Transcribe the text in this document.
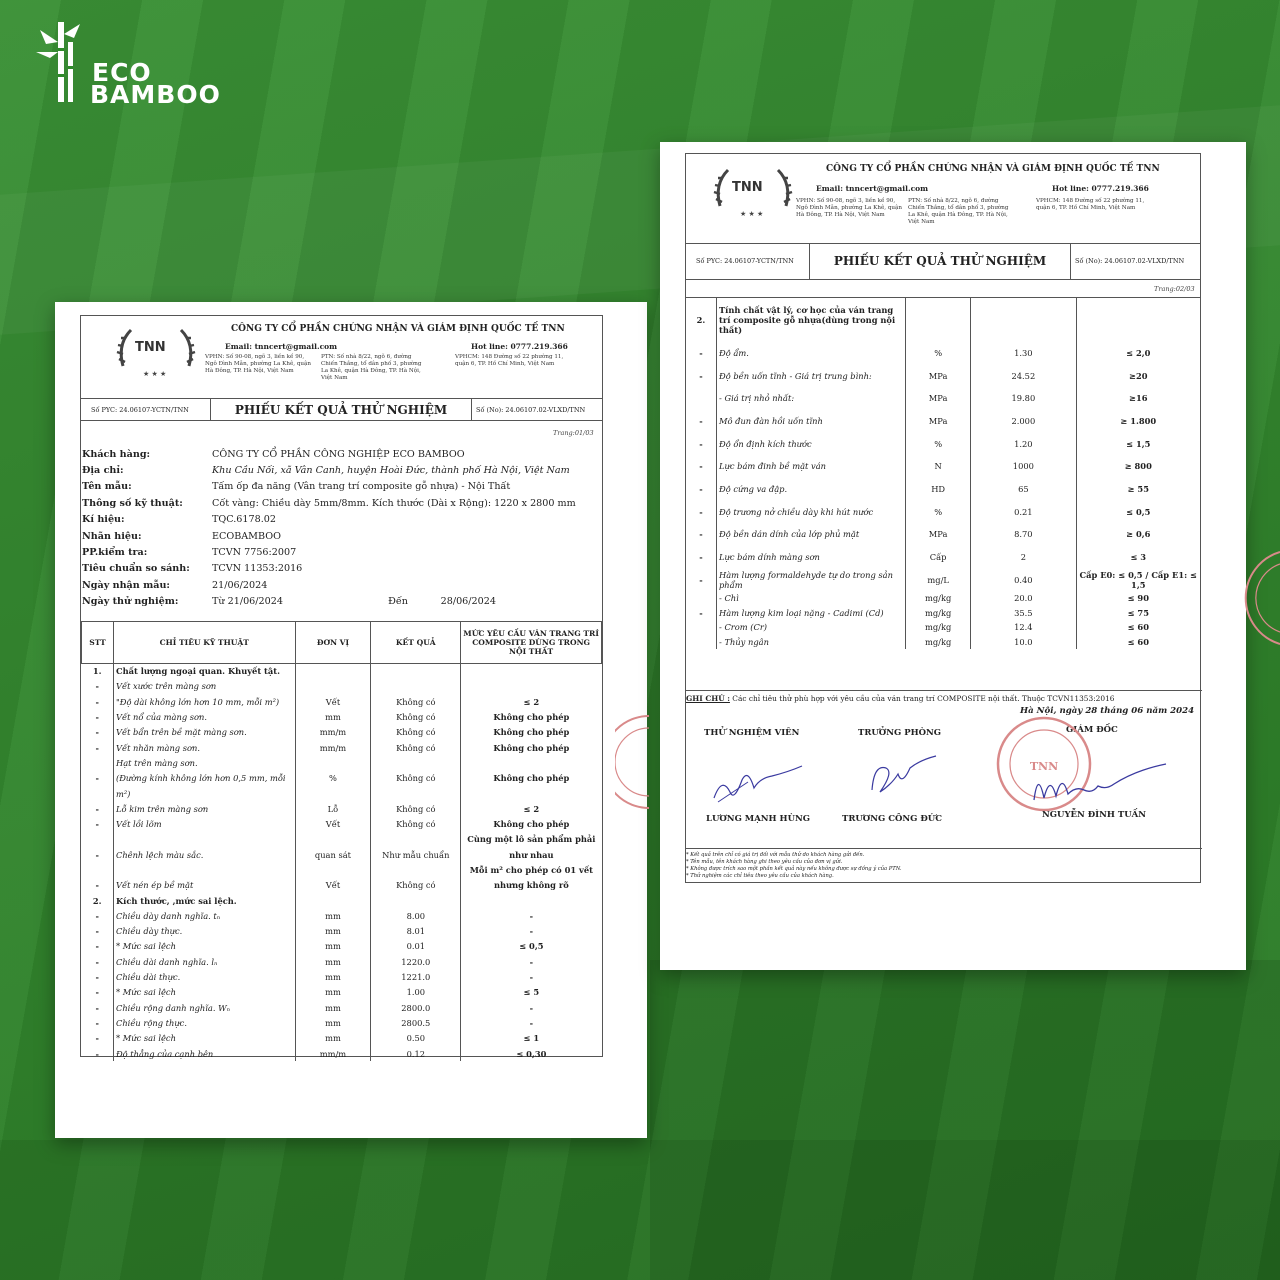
ECO
BAMBOO
★ ★ ★
TNN
CÔNG TY CỔ PHẦN CHỨNG NHẬN VÀ GIÁM ĐỊNH QUỐC TẾ TNN
Email: tnncert@gmail.com	Hot line: 0777.219.366
VPHN: Số 90-08, ngõ 3, liền kề 90, Ngô Đình Mẫn, phường La Khê, quận Hà Đông, TP. Hà Nội, Việt Nam
PTN: Số nhà 8/22, ngõ 6, đường Chiến Thắng, tổ dân phố 3, phường La Khê, quận Hà Đông, TP. Hà Nội, Việt Nam
VPHCM: 148 Đường số 22 phường 11, quận 6, TP. Hồ Chí Minh, Việt Nam
Số PYC: 24.06107-YCTN/TNN	PHIẾU KẾT QUẢ THỬ NGHIỆM	Số (No): 24.06107.02-VLXD/TNN
Trang:01/03
Khách hàng:	CÔNG TY CỔ PHẦN CÔNG NGHIỆP ECO BAMBOO
Địa chỉ:	Khu Cầu Nối, xã Vân Canh, huyện Hoài Đức, thành phố Hà Nội, Việt Nam
Tên mẫu:	Tấm ốp đa năng (Vân trang trí composite gỗ nhựa) - Nội Thất
Thông số kỹ thuật:	Cốt vàng: Chiều dày 5mm/8mm. Kích thước (Dài x Rộng): 1220 x 2800 mm
Kí hiệu:	TQC.6178.02
Nhãn hiệu:	ECOBAMBOO
PP.kiểm tra:	TCVN 7756:2007
Tiêu chuẩn so sánh:	TCVN 11353:2016
Ngày nhận mẫu:	21/06/2024
Ngày thử nghiệm:	Từ 21/06/2024	Đến	28/06/2024
STT	CHỈ TIÊU KỸ THUẬT	ĐƠN VỊ	KẾT QUẢ	MỨC YÊU CẦU VÁN TRANG TRÍ COMPOSITE DÙNG TRONG NỘI THẤT
1.	Chất lượng ngoại quan. Khuyết tật.			
-	Vết xước trên màng sơn			
-	"Độ dài không lớn hơn 10 mm, mỗi m²)	Vết	Không có	≤ 2
-	Vết nổ của màng sơn.	mm	Không có	Không cho phép
-	Vết bẩn trên bề mặt màng sơn.	mm/m	Không có	Không cho phép
-	Vết nhăn màng sơn.	mm/m	Không có	Không cho phép
	Hạt trên màng sơn.			
-	(Đường kính không lớn hơn 0,5 mm, mỗi	%	Không có	Không cho phép
	m²)			
-	Lỗ kim trên màng sơn	Lỗ	Không có	≤ 2
-	Vết lồi lõm	Vết	Không có	Không cho phép
				Cùng một lô sản phẩm phải
-	Chênh lệch màu sắc.	quan sát	Như mẫu chuẩn	như nhau
				Mỗi m² cho phép có 01 vết
-	Vết nén ép bề mặt	Vết	Không có	nhưng không rõ
2.	Kích thước, ,mức sai lệch.			
-	Chiều dày danh nghĩa. tₙ	mm	8.00	-
-	Chiều dày thực.	mm	8.01	-
-	* Mức sai lệch	mm	0.01	≤ 0,5
-	Chiều dài danh nghĩa. lₙ	mm	1220.0	-
-	Chiều dài thực.	mm	1221.0	-
-	* Mức sai lệch	mm	1.00	≤ 5
-	Chiều rộng danh nghĩa. Wₙ	mm	2800.0	-
-	Chiều rộng thực.	mm	2800.5	-
-	* Mức sai lệch	mm	0.50	≤ 1
-	Độ thẳng của cạnh bên	mm/m	0.12	≤ 0,30
★ ★ ★
TNN
CÔNG TY CỔ PHẦN CHỨNG NHẬN VÀ GIÁM ĐỊNH QUỐC TẾ TNN
Email: tnncert@gmail.com	Hot line: 0777.219.366
VPHN: Số 90-08, ngõ 3, liền kề 90, Ngô Đình Mẫn, phường La Khê, quận Hà Đông, TP. Hà Nội, Việt Nam
PTN: Số nhà 8/22, ngõ 6, đường Chiến Thắng, tổ dân phố 3, phường La Khê, quận Hà Đông, TP. Hà Nội, Việt Nam
VPHCM: 148 Đường số 22 phường 11, quận 6, TP. Hồ Chí Minh, Việt Nam
Số PYC: 24.06107-YCTN/TNN	PHIẾU KẾT QUẢ THỬ NGHIỆM	Số (No): 24.06107.02-VLXD/TNN
Trang:02/03
2.	Tính chất vật lý, cơ học của ván trang trí composite gỗ nhựa(dùng trong nội thất)			
-	Độ ẩm.	%	1.30	≤ 2,0
-	Độ bền uốn tĩnh - Giá trị trung bình:	MPa	24.52	≥20
	- Giá trị nhỏ nhất:	MPa	19.80	≥16
-	Mô đun đàn hồi uốn tĩnh	MPa	2.000	≥ 1.800
-	Độ ổn định kích thước	%	1.20	≤ 1,5
-	Lực bám đinh bề mặt ván	N	1000	≥ 800
-	Độ cứng va đập.	HD	65	≥ 55
-	Độ trương nở chiều dày khi hút nước	%	0.21	≤ 0,5
-	Độ bền dán dính của lớp phủ mặt	MPa	8.70	≥ 0,6
-	Lực bám dính màng sơn	Cấp	2	≤ 3
-	Hàm lượng formaldehyde tự do trong sản phẩm	mg/L	0.40	Cấp E0: ≤ 0,5 / Cấp E1: ≤ 1,5
	- Chì	mg/kg	20.0	≤ 90
-	Hàm lượng kim loại nặng - Cadimi (Cd)	mg/kg	35.5	≤ 75
	- Crom (Cr)	mg/kg	12.4	≤ 60
	- Thủy ngân	mg/kg	10.0	≤ 60
GHI CHÚ : Các chỉ tiêu thử phù hợp với yêu cầu của ván trang trí COMPOSITE nội thất. Thuộc TCVN11353:2016
Hà Nội, ngày 28 tháng 06 năm 2024
THỬ NGHIỆM VIÊN	TRƯỞNG PHÒNG	GIÁM ĐỐC
TNN
LƯƠNG MẠNH HÙNG	TRƯƠNG CÔNG ĐỨC	NGUYỄN ĐÌNH TUẤN
* Kết quả trên chỉ có giá trị đối với mẫu thử do khách hàng gửi đến.
* Tên mẫu, tên khách hàng ghi theo yêu cầu của đơn vị gửi.
* Không được trích sao một phần kết quả này nếu không được sự đồng ý của PTN.
* Thử nghiệm các chỉ tiêu theo yêu cầu của khách hàng.
